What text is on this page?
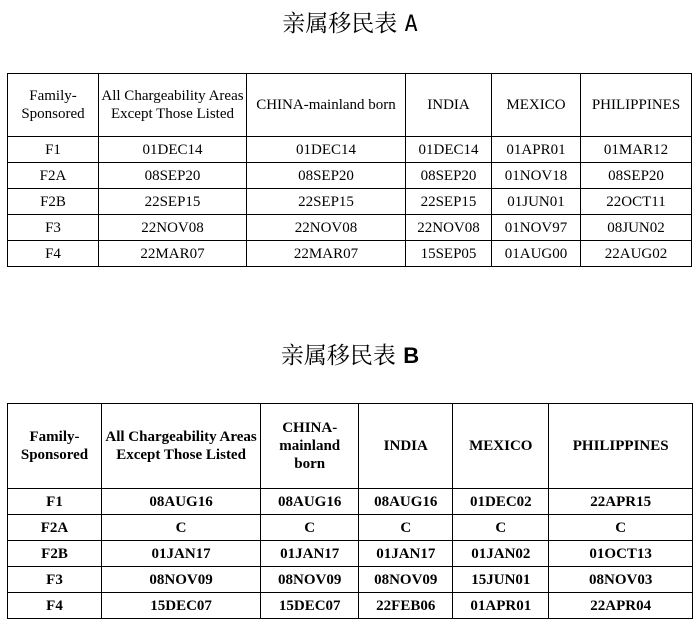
亲属移民表 A
Family-Sponsored	All Chargeability Areas Except Those Listed	CHINA-mainland born	INDIA	MEXICO	PHILIPPINES
F1	01DEC14	01DEC14	01DEC14	01APR01	01MAR12
F2A	08SEP20	08SEP20	08SEP20	01NOV18	08SEP20
F2B	22SEP15	22SEP15	22SEP15	01JUN01	22OCT11
F3	22NOV08	22NOV08	22NOV08	01NOV97	08JUN02
F4	22MAR07	22MAR07	15SEP05	01AUG00	22AUG02
亲属移民表 B
Family-Sponsored	All Chargeability Areas Except Those Listed	CHINA-mainland born	INDIA	MEXICO	PHILIPPINES
F1	08AUG16	08AUG16	08AUG16	01DEC02	22APR15
F2A	C	C	C	C	C
F2B	01JAN17	01JAN17	01JAN17	01JAN02	01OCT13
F3	08NOV09	08NOV09	08NOV09	15JUN01	08NOV03
F4	15DEC07	15DEC07	22FEB06	01APR01	22APR04
